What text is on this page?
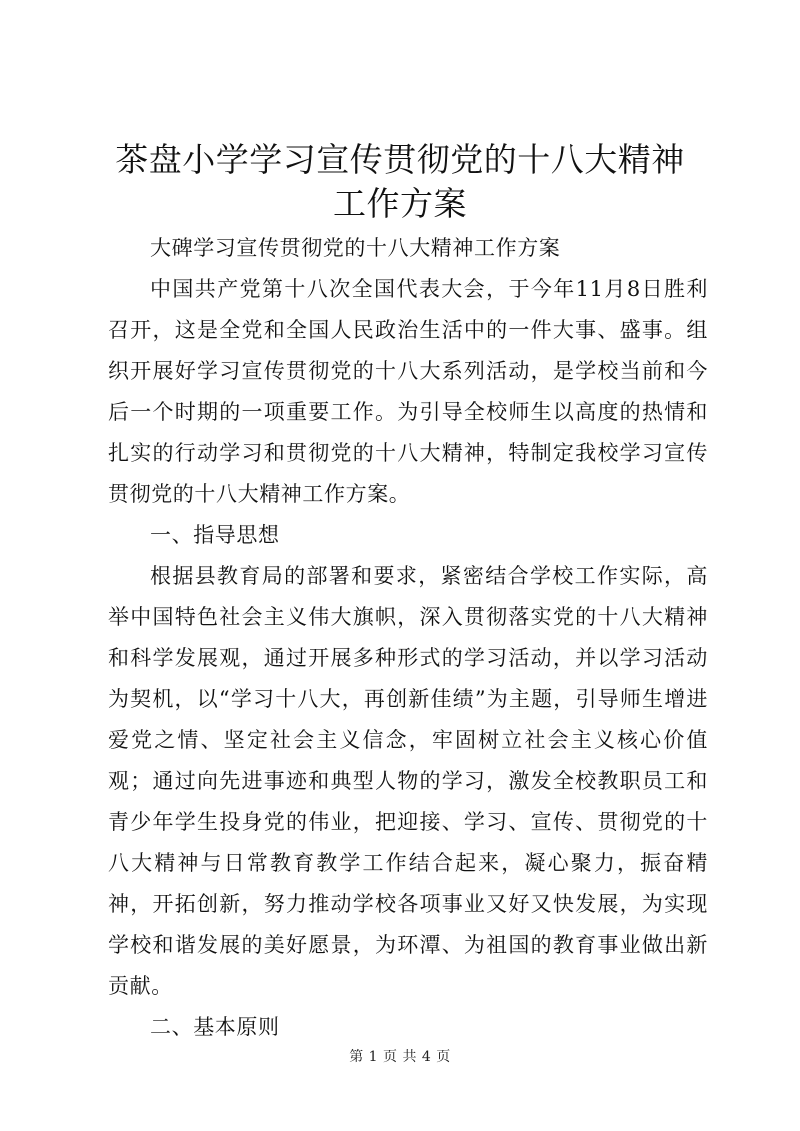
茶盘小学学习宣传贯彻党的十八大精神工作方案

大碑学习宣传贯彻党的十八大精神工作方案

中国共产党第十八次全国代表大会，于今年11月8日胜利召开，这是全党和全国人民政治生活中的一件大事、盛事。组织开展好学习宣传贯彻党的十八大系列活动，是学校当前和今后一个时期的一项重要工作。为引导全校师生以高度的热情和扎实的行动学习和贯彻党的十八大精神，特制定我校学习宣传贯彻党的十八大精神工作方案。

一、指导思想

根据县教育局的部署和要求，紧密结合学校工作实际，高举中国特色社会主义伟大旗帜，深入贯彻落实党的十八大精神和科学发展观，通过开展多种形式的学习活动，并以学习活动为契机，以“学习十八大，再创新佳绩”为主题，引导师生增进爱党之情、坚定社会主义信念，牢固树立社会主义核心价值观；通过向先进事迹和典型人物的学习，激发全校教职员工和青少年学生投身党的伟业，把迎接、学习、宣传、贯彻党的十八大精神与日常教育教学工作结合起来，凝心聚力，振奋精神，开拓创新，努力推动学校各项事业又好又快发展，为实现学校和谐发展的美好愿景，为环潭、为祖国的教育事业做出新贡献。

二、基本原则

第 1 页 共 4 页
